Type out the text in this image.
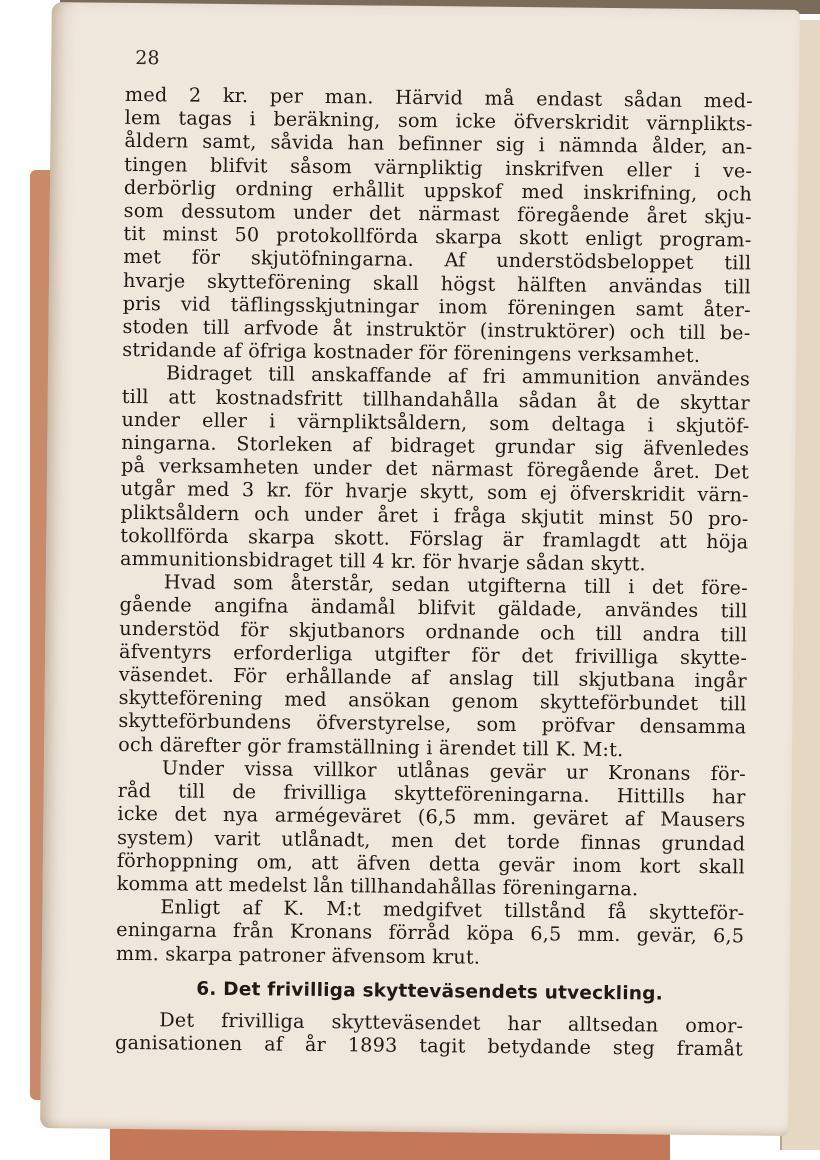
28
med 2 kr. per man. Härvid må endast sådan med-
lem tagas i beräkning, som icke öfverskridit värnplikts-
åldern samt, såvida han befinner sig i nämnda ålder, an-
tingen blifvit såsom värnpliktig inskrifven eller i ve-
derbörlig ordning erhållit uppskof med inskrifning, och
som dessutom under det närmast föregående året skju-
tit minst 50 protokollförda skarpa skott enligt program-
met för skjutöfningarna. Af understödsbeloppet till
hvarje skytteförening skall högst hälften användas till
pris vid täflingsskjutningar inom föreningen samt åter-
stoden till arfvode åt instruktör (instruktörer) och till be-
stridande af öfriga kostnader för föreningens verksamhet.
Bidraget till anskaffande af fri ammunition användes
till att kostnadsfritt tillhandahålla sådan åt de skyttar
under eller i värnpliktsåldern, som deltaga i skjutöf-
ningarna. Storleken af bidraget grundar sig äfvenledes
på verksamheten under det närmast föregående året. Det
utgår med 3 kr. för hvarje skytt, som ej öfverskridit värn-
pliktsåldern och under året i fråga skjutit minst 50 pro-
tokollförda skarpa skott. Förslag är framlagdt att höja
ammunitionsbidraget till 4 kr. för hvarje sådan skytt.
Hvad som återstår, sedan utgifterna till i det före-
gående angifna ändamål blifvit gäldade, användes till
understöd för skjutbanors ordnande och till andra till
äfventyrs erforderliga utgifter för det frivilliga skytte-
väsendet. För erhållande af anslag till skjutbana ingår
skytteförening med ansökan genom skytteförbundet till
skytteförbundens öfverstyrelse, som pröfvar densamma
och därefter gör framställning i ärendet till K. M:t.
Under vissa villkor utlånas gevär ur Kronans för-
råd till de frivilliga skytteföreningarna. Hittills har
icke det nya armégeväret (6,5 mm. geväret af Mausers
system) varit utlånadt, men det torde finnas grundad
förhoppning om, att äfven detta gevär inom kort skall
komma att medelst lån tillhandahållas föreningarna.
Enligt af K. M:t medgifvet tillstånd få skytteför-
eningarna från Kronans förråd köpa 6,5 mm. gevär, 6,5
mm. skarpa patroner äfvensom krut.
6. Det frivilliga skytteväsendets utveckling.
Det frivilliga skytteväsendet har alltsedan omor-
ganisationen af år 1893 tagit betydande steg framåt
